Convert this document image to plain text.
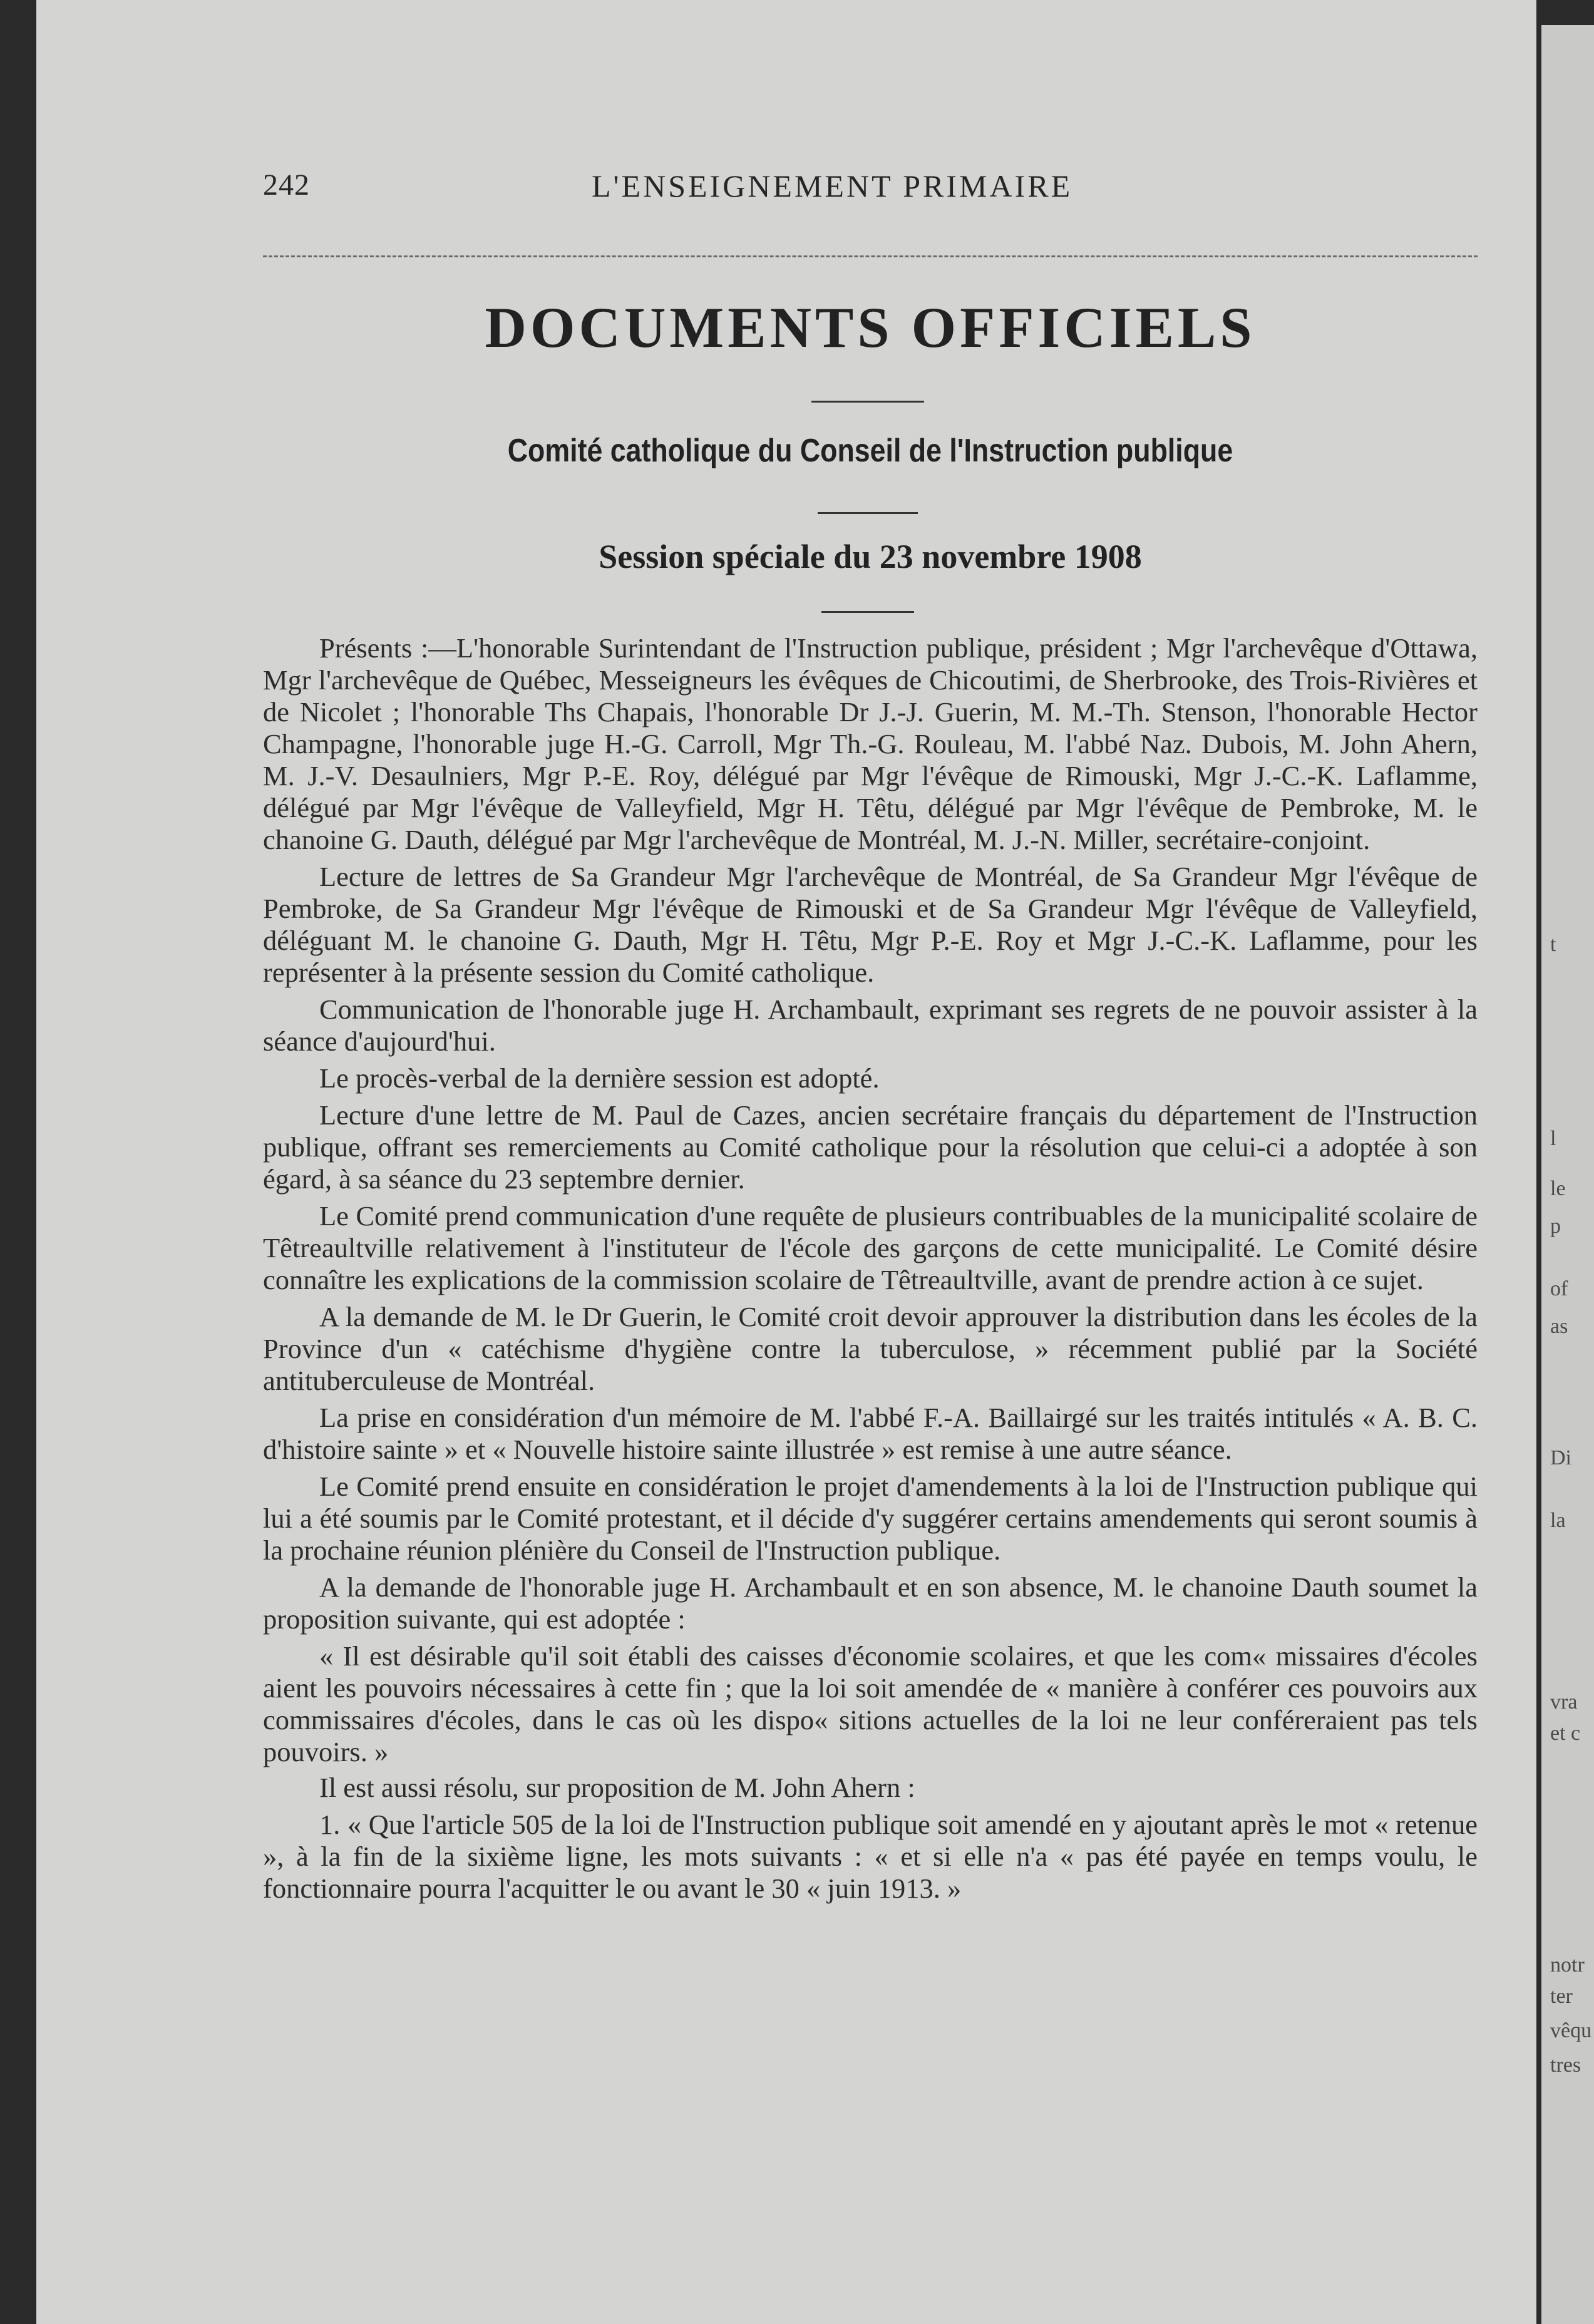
t
l
le
p
of
as
Di
la
vra
et c
notr
ter
vêqu
tres
242	L'ENSEIGNEMENT PRIMAIRE
DOCUMENTS OFFICIELS
Comité catholique du Conseil de l'Instruction publique
Session spéciale du 23 novembre 1908

Présents :—L'honorable Surintendant de l'Instruction publique, président ; Mgr l'archevêque d'Ottawa, Mgr l'archevêque de Québec, Messeigneurs les évêques de Chicoutimi, de Sherbrooke, des Trois-Rivières et de Nicolet ; l'honorable Ths Chapais, l'honorable Dr J.-J. Guerin, M. M.-Th. Stenson, l'honorable Hector Champagne, l'honorable juge H.-G. Carroll, Mgr Th.-G. Rouleau, M. l'abbé Naz. Dubois, M. John Ahern, M. J.-V. Desaulniers, Mgr P.-E. Roy, délégué par Mgr l'évêque de Rimouski, Mgr J.-C.-K. Laflamme, délégué par Mgr l'évêque de Valleyfield, Mgr H. Têtu, délégué par Mgr l'évêque de Pembroke, M. le chanoine G. Dauth, délégué par Mgr l'archevêque de Montréal, M. J.-N. Miller, secrétaire-conjoint.

Lecture de lettres de Sa Grandeur Mgr l'archevêque de Montréal, de Sa Grandeur Mgr l'évêque de Pembroke, de Sa Grandeur Mgr l'évêque de Rimouski et de Sa Grandeur Mgr l'évêque de Valleyfield, déléguant M. le chanoine G. Dauth, Mgr H. Têtu, Mgr P.-E. Roy et Mgr J.-C.-K. Laflamme, pour les représenter à la présente session du Comité catholique.

Communication de l'honorable juge H. Archambault, exprimant ses regrets de ne pouvoir assister à la séance d'aujourd'hui.

Le procès-verbal de la dernière session est adopté.

Lecture d'une lettre de M. Paul de Cazes, ancien secrétaire français du département de l'Instruction publique, offrant ses remerciements au Comité catholique pour la résolution que celui-ci a adoptée à son égard, à sa séance du 23 septembre dernier.

Le Comité prend communication d'une requête de plusieurs contribuables de la municipalité scolaire de Têtreaultville relativement à l'instituteur de l'école des garçons de cette municipalité. Le Comité désire connaître les explications de la commission scolaire de Têtreaultville, avant de prendre action à ce sujet.

A la demande de M. le Dr Guerin, le Comité croit devoir approuver la distribution dans les écoles de la Province d'un « catéchisme d'hygiène contre la tuberculose, » récemment publié par la Société antituberculeuse de Montréal.

La prise en considération d'un mémoire de M. l'abbé F.-A. Baillairgé sur les traités intitulés « A. B. C. d'histoire sainte » et « Nouvelle histoire sainte illustrée » est remise à une autre séance.

Le Comité prend ensuite en considération le projet d'amendements à la loi de l'Instruction publique qui lui a été soumis par le Comité protestant, et il décide d'y suggérer certains amendements qui seront soumis à la prochaine réunion plénière du Conseil de l'Instruction publique.

A la demande de l'honorable juge H. Archambault et en son absence, M. le chanoine Dauth soumet la proposition suivante, qui est adoptée :

« Il est désirable qu'il soit établi des caisses d'économie scolaires, et que les com« missaires d'écoles aient les pouvoirs nécessaires à cette fin ; que la loi soit amendée de « manière à conférer ces pouvoirs aux commissaires d'écoles, dans le cas où les dispo« sitions actuelles de la loi ne leur conféreraient pas tels pouvoirs. »

Il est aussi résolu, sur proposition de M. John Ahern :

1. « Que l'article 505 de la loi de l'Instruction publique soit amendé en y ajoutant après le mot « retenue », à la fin de la sixième ligne, les mots suivants : « et si elle n'a « pas été payée en temps voulu, le fonctionnaire pourra l'acquitter le ou avant le 30 « juin 1913. »
